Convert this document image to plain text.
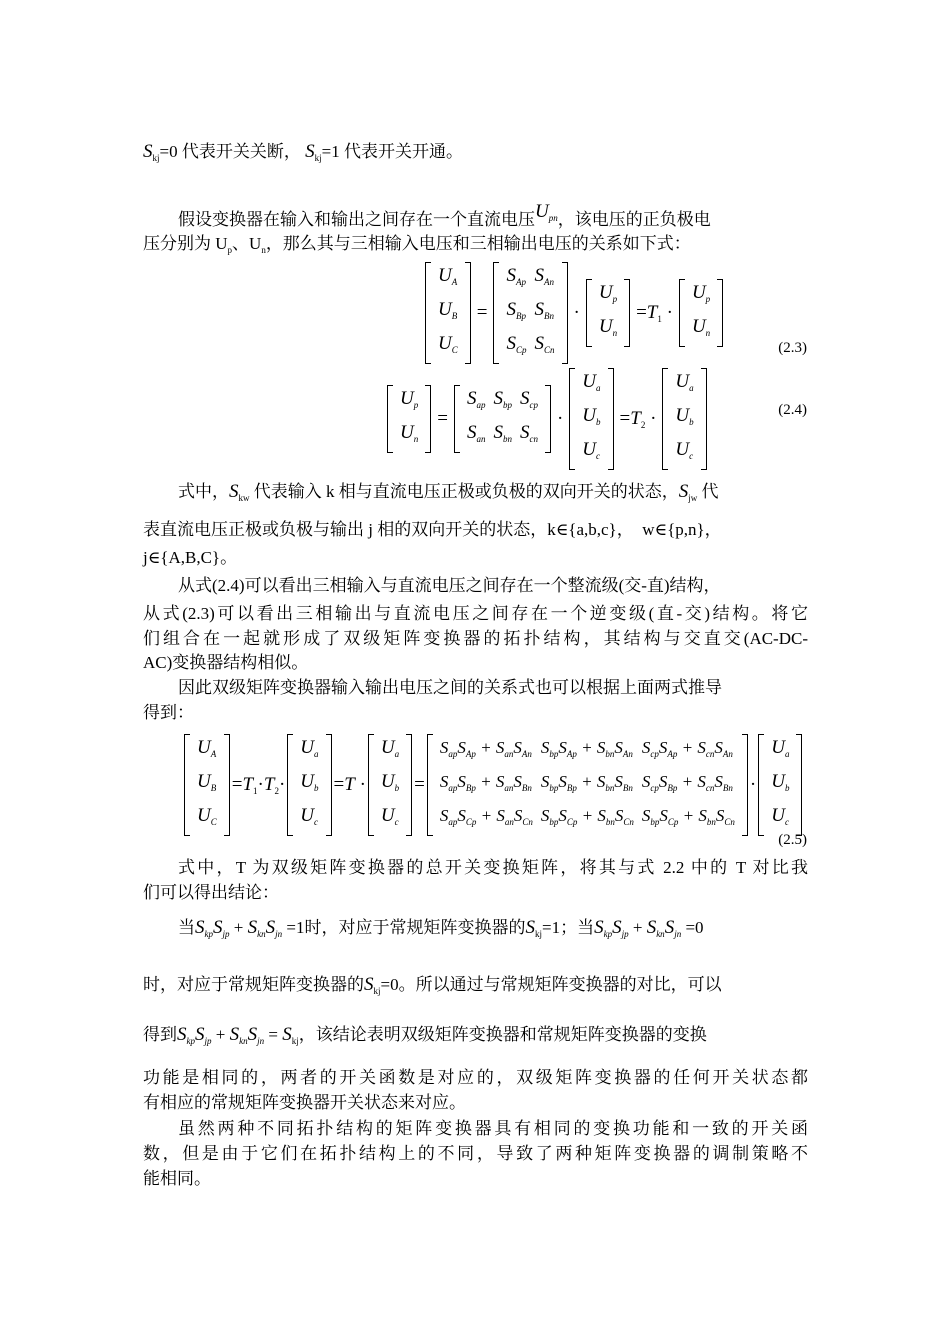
$S_{kj}=0$ 代表开关关断， $S_{kj}=1$ 代表开关开通。
假设变换器在输入和输出之间存在一个直流电压$U^{pn}$，该电压的正负极电
压分别为 $U_p$、$U_n$，那么其与三相输入电压和三相输出电压的关系如下式：
$U_A$
$U_B$
$U_C$
=
$S_{Ap}$ $S_{An}$
$S_{Bp}$ $S_{Bn}$
$S_{Cp}$ $S_{Cn}$
·
$U_p$
$U_n$
$=T_1$ ·
$U_p$
$U_n$
(2.3)
$U_p$
$U_n$
=
$S_{ap}$ $S_{bp}$ $S_{cp}$
$S_{an}$ $S_{bn}$ $S_{cn}$
·
$U_a$
$U_b$
$U_c$
$=T_2$ ·
$U_a$
$U_b$
$U_c$
(2.4)
式中，$S_{kw}$ 代表输入 k 相与直流电压正极或负极的双向开关的状态，$S_{jw}$ 代
表直流电压正极或负极与输出 j 相的双向开关的状态，k∈{a,b,c}，　w∈{p,n}，
j∈{A,B,C}。
从式(2.4)可以看出三相输入与直流电压之间存在一个整流级(交-直)结构，
从式(2.3)可以看出三相输出与直流电压之间存在一个逆变级(直-交)结构。将它
们组合在一起就形成了双级矩阵变换器的拓扑结构，其结构与交直交(AC-DC-
AC)变换器结构相似。
因此双级矩阵变换器输入输出电压之间的关系式也可以根据上面两式推导
得到：
$U_A$
$U_B$
$U_C$
$=T_1\cdot T_2\cdot$
$U_a$
$U_b$
$U_c$
=T ·
$U_a$
$U_b$
$U_c$
=
$S_{ap}S_{Ap} + S_{an}S_{An}$ $S_{bp}S_{Ap} + S_{bn}S_{An}$ $S_{cp}S_{Ap} + S_{cn}S_{An}$
$S_{ap}S_{Bp} + S_{an}S_{Bn}$ $S_{bp}S_{Bp} + S_{bn}S_{Bn}$ $S_{cp}S_{Bp} + S_{cn}S_{Bn}$
$S_{ap}S_{Cp} + S_{an}S_{Cn}$ $S_{bp}S_{Cp} + S_{bn}S_{Cn}$ $S_{bp}S_{Cp} + S_{bn}S_{Cn}$
·
$U_a$
$U_b$
$U_c$
(2.5)
式中，T 为双级矩阵变换器的总开关变换矩阵，将其与式 2.2 中的 T 对比我
们可以得出结论：
当$S_{kp}S_{jp} + S_{kn}S_{jn} =1$时，对应于常规矩阵变换器的$S_{kj}=1$；当$S_{kp}S_{jp} + S_{kn}S_{jn} =0$
时，对应于常规矩阵变换器的$S_{kj}=0$。所以通过与常规矩阵变换器的对比，可以
得到$S_{kp}S_{jp} + S_{kn}S_{jn} = S_{kj}$，该结论表明双级矩阵变换器和常规矩阵变换器的变换
功能是相同的，两者的开关函数是对应的，双级矩阵变换器的任何开关状态都
有相应的常规矩阵变换器开关状态来对应。
虽然两种不同拓扑结构的矩阵变换器具有相同的变换功能和一致的开关函
数，但是由于它们在拓扑结构上的不同，导致了两种矩阵变换器的调制策略不
能相同。
